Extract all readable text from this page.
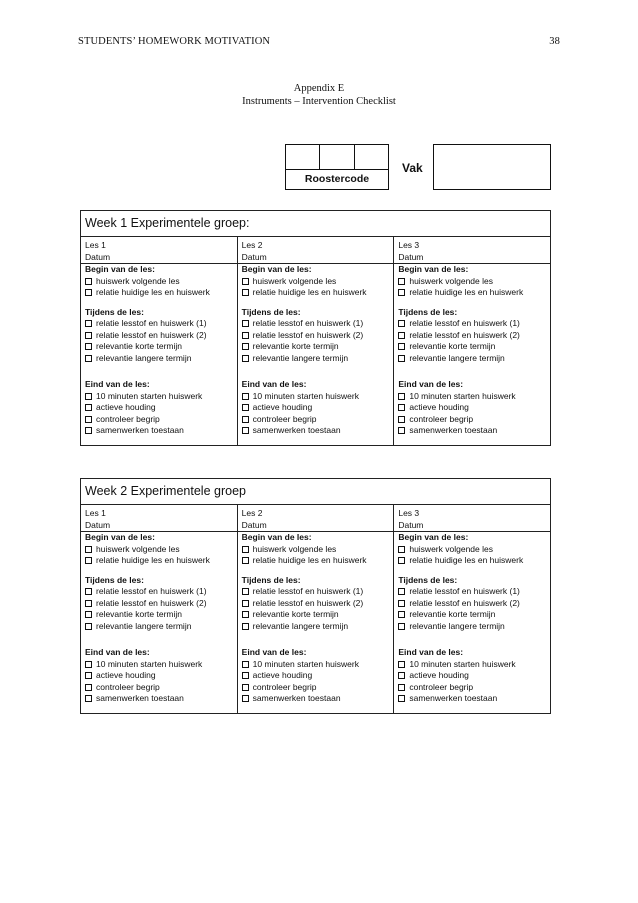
STUDENTS’ HOMEWORK MOTIVATION	38
Appendix E
Instruments – Intervention Checklist
Roostercode
Vak
Week 1 Experimentele groep:
Les 1
Datum
Begin van de les:
huiswerk volgende les
relatie huidige les en huiswerk
Tijdens de les:
relatie lesstof en huiswerk (1)
relatie lesstof en huiswerk (2)
relevantie korte termijn
relevantie langere termijn
Eind van de les:
10 minuten starten huiswerk
actieve houding
controleer begrip
samenwerken toestaan
Les 2
Datum
Begin van de les:
huiswerk volgende les
relatie huidige les en huiswerk
Tijdens de les:
relatie lesstof en huiswerk (1)
relatie lesstof en huiswerk (2)
relevantie korte termijn
relevantie langere termijn
Eind van de les:
10 minuten starten huiswerk
actieve houding
controleer begrip
samenwerken toestaan
Les 3
Datum
Begin van de les:
huiswerk volgende les
relatie huidige les en huiswerk
Tijdens de les:
relatie lesstof en huiswerk (1)
relatie lesstof en huiswerk (2)
relevantie korte termijn
relevantie langere termijn
Eind van de les:
10 minuten starten huiswerk
actieve houding
controleer begrip
samenwerken toestaan
Week 2 Experimentele groep
Les 1
Datum
Begin van de les:
huiswerk volgende les
relatie huidige les en huiswerk
Tijdens de les:
relatie lesstof en huiswerk (1)
relatie lesstof en huiswerk (2)
relevantie korte termijn
relevantie langere termijn
Eind van de les:
10 minuten starten huiswerk
actieve houding
controleer begrip
samenwerken toestaan
Les 2
Datum
Begin van de les:
huiswerk volgende les
relatie huidige les en huiswerk
Tijdens de les:
relatie lesstof en huiswerk (1)
relatie lesstof en huiswerk (2)
relevantie korte termijn
relevantie langere termijn
Eind van de les:
10 minuten starten huiswerk
actieve houding
controleer begrip
samenwerken toestaan
Les 3
Datum
Begin van de les:
huiswerk volgende les
relatie huidige les en huiswerk
Tijdens de les:
relatie lesstof en huiswerk (1)
relatie lesstof en huiswerk (2)
relevantie korte termijn
relevantie langere termijn
Eind van de les:
10 minuten starten huiswerk
actieve houding
controleer begrip
samenwerken toestaan
